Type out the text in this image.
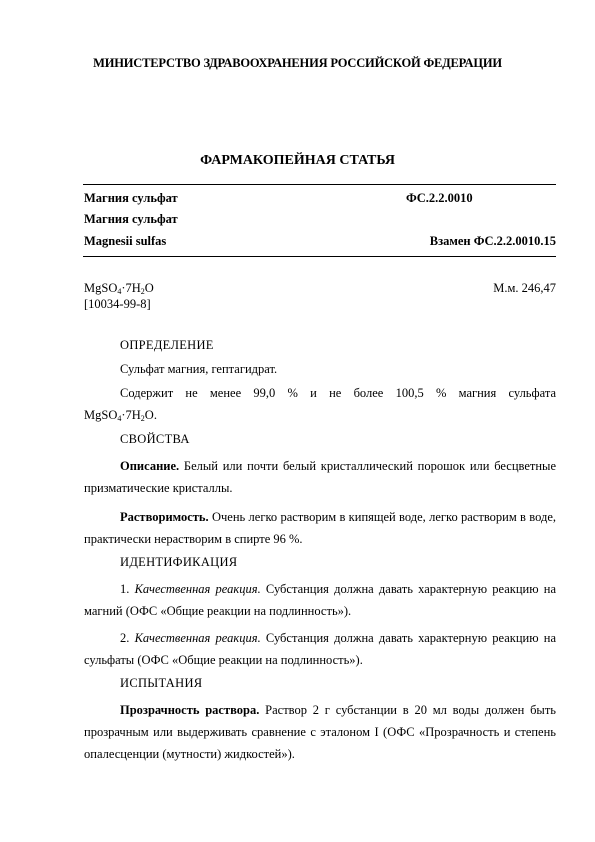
МИНИСТЕРСТВО ЗДРАВООХРАНЕНИЯ РОССИЙСКОЙ ФЕДЕРАЦИИ
ФАРМАКОПЕЙНАЯ СТАТЬЯ
Магния сульфат	ФС.2.2.0010
Магния сульфат
Magnesii sulfas	Взамен ФС.2.2.0010.15
$MgSO_4\cdot 7H_2O$	М.м. 246,47
[10034-99-8]
ОПРЕДЕЛЕНИЕ
Сульфат магния, гептагидрат.
Содержит не менее 99,0 % и не более 100,5 % магния сульфата
$MgSO_4\cdot 7H_2O$.
СВОЙСТВА
Описание. Белый или почти белый кристаллический порошок или бесцветные призматические кристаллы.
Растворимость. Очень легко растворим в кипящей воде, легко растворим в воде, практически нерастворим в спирте 96 %.
ИДЕНТИФИКАЦИЯ
1. Качественная реакция. Субстанция должна давать характерную реакцию на магний (ОФС «Общие реакции на подлинность»).
2. Качественная реакция. Субстанция должна давать характерную реакцию на сульфаты (ОФС «Общие реакции на подлинность»).
ИСПЫТАНИЯ
Прозрачность раствора. Раствор 2 г субстанции в 20 мл воды должен быть прозрачным или выдерживать сравнение с эталоном I (ОФС «Прозрачность и степень опалесценции (мутности) жидкостей»).
